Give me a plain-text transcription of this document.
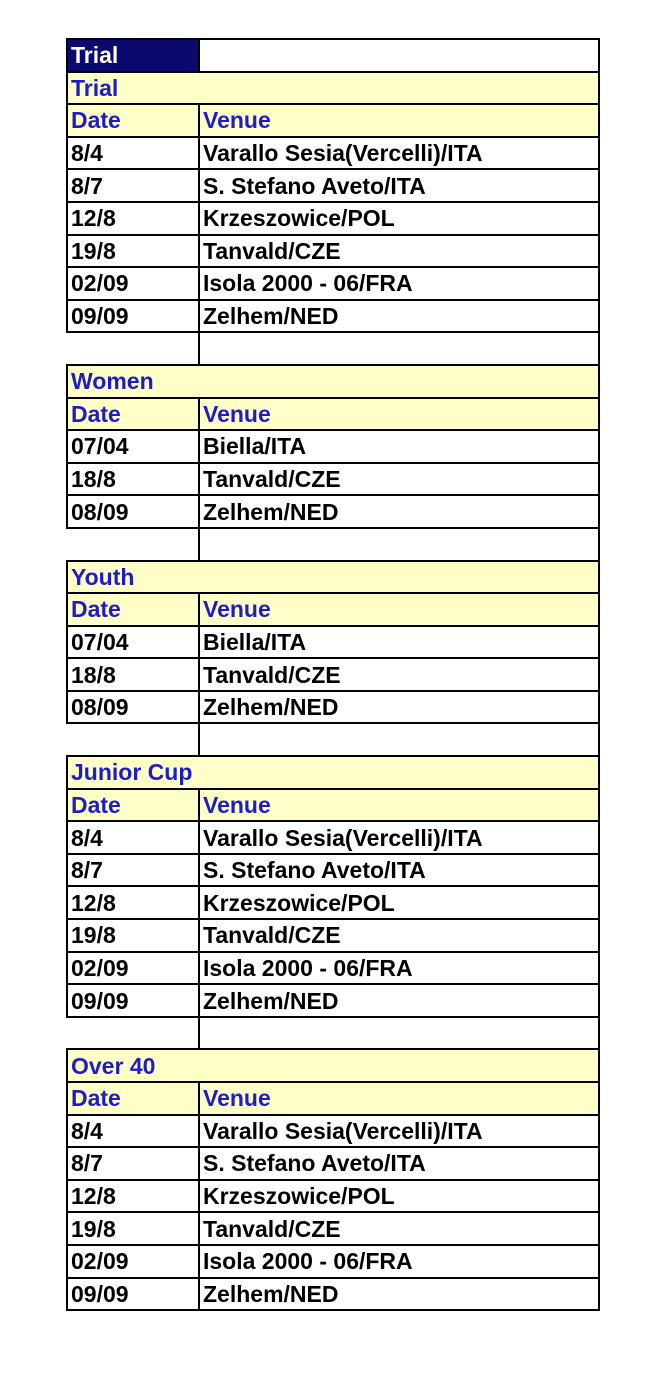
Trial	
Trial	
Date	Venue
8/4	Varallo Sesia(Vercelli)/ITA
8/7	S. Stefano Aveto/ITA
12/8	Krzeszowice/POL
19/8	Tanvald/CZE
02/09	Isola 2000 - 06/FRA
09/09	Zelhem/NED

Women	
Date	Venue
07/04	Biella/ITA
18/8	Tanvald/CZE
08/09	Zelhem/NED

Youth	
Date	Venue
07/04	Biella/ITA
18/8	Tanvald/CZE
08/09	Zelhem/NED

Junior Cup	
Date	Venue
8/4	Varallo Sesia(Vercelli)/ITA
8/7	S. Stefano Aveto/ITA
12/8	Krzeszowice/POL
19/8	Tanvald/CZE
02/09	Isola 2000 - 06/FRA
09/09	Zelhem/NED

Over 40	
Date	Venue
8/4	Varallo Sesia(Vercelli)/ITA
8/7	S. Stefano Aveto/ITA
12/8	Krzeszowice/POL
19/8	Tanvald/CZE
02/09	Isola 2000 - 06/FRA
09/09	Zelhem/NED
